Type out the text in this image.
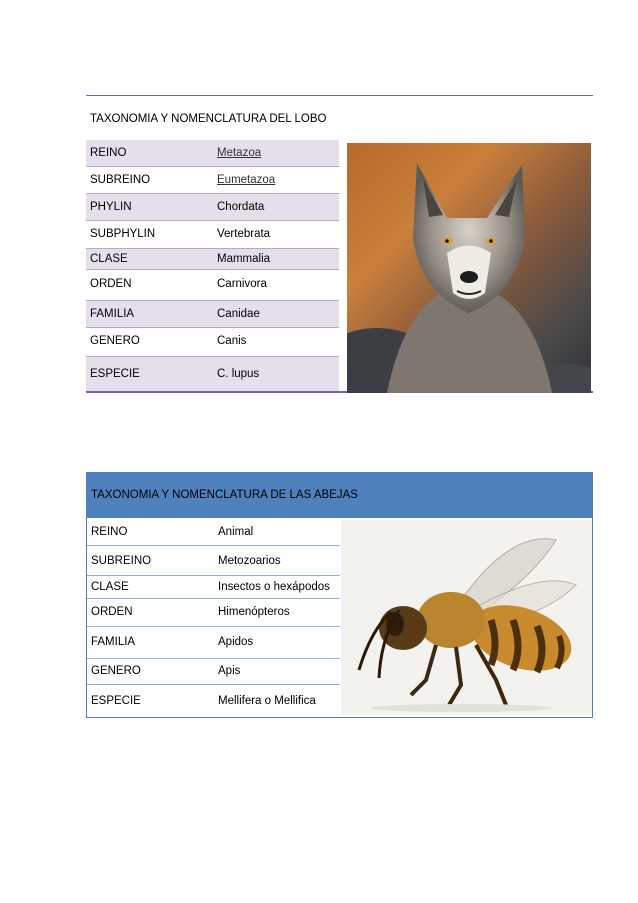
TAXONOMIA Y NOMENCLATURA DEL LOBO
REINO	Metazoa
SUBREINO	Eumetazoa
PHYLIN	Chordata
SUBPHYLIN	Vertebrata
CLASE	Mammalia
ORDEN	Carnivora
FAMILIA	Canidae
GENERO	Canis
ESPECIE	C. lupus
TAXONOMIA Y NOMENCLATURA DE LAS ABEJAS
REINO	Animal
SUBREINO	Metozoarios
CLASE	Insectos o hexápodos
ORDEN	Himenópteros
FAMILIA	Apidos
GENERO	Apis
ESPECIE	Mellifera o Mellifica
